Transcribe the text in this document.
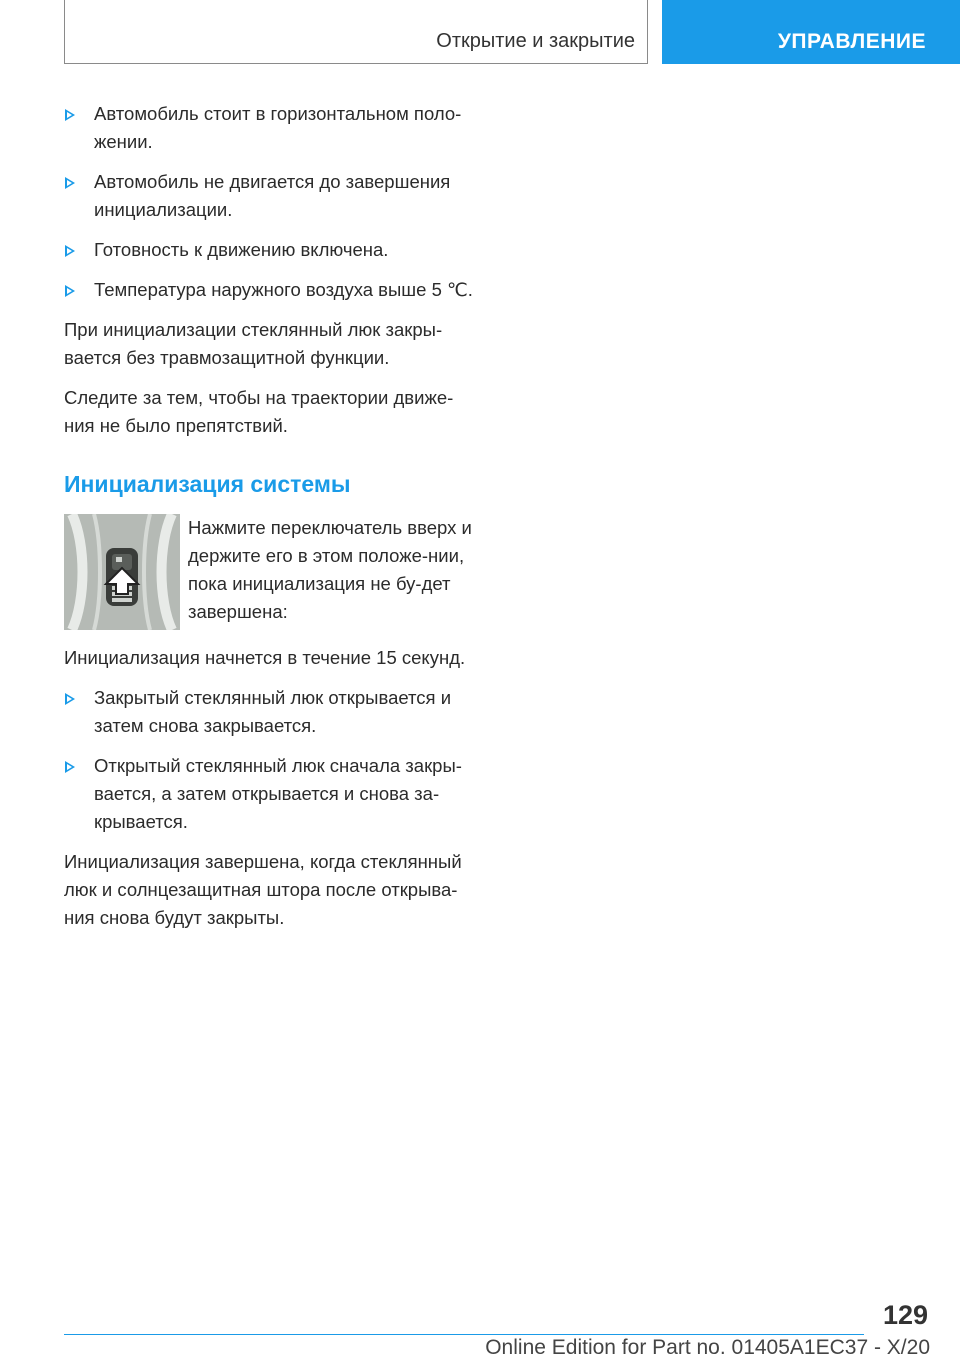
Открытие и закрытие	УПРАВЛЕНИЕ
Автомобиль стоит в горизонтальном поло-жении.
Автомобиль не двигается до завершения инициализации.
Готовность к движению включена.
Температура наружного воздуха выше 5 ℃.

При инициализации стеклянный люк закры-вается без травмозащитной функции.

Следите за тем, чтобы на траектории движе-ния не было препятствий.

Инициализация системы
Нажмите переключатель вверх и держите его в этом положе-нии, пока инициализация не бу-дет завершена:

Инициализация начнется в течение 15 секунд.

Закрытый стеклянный люк открывается и затем снова закрывается.
Открытый стеклянный люк сначала закры-вается, а затем открывается и снова за-крывается.

Инициализация завершена, когда стеклянный люк и солнцезащитная штора после открыва-ния снова будут закрыты.

129
Online Edition for Part no. 01405A1EC37 - X/20
